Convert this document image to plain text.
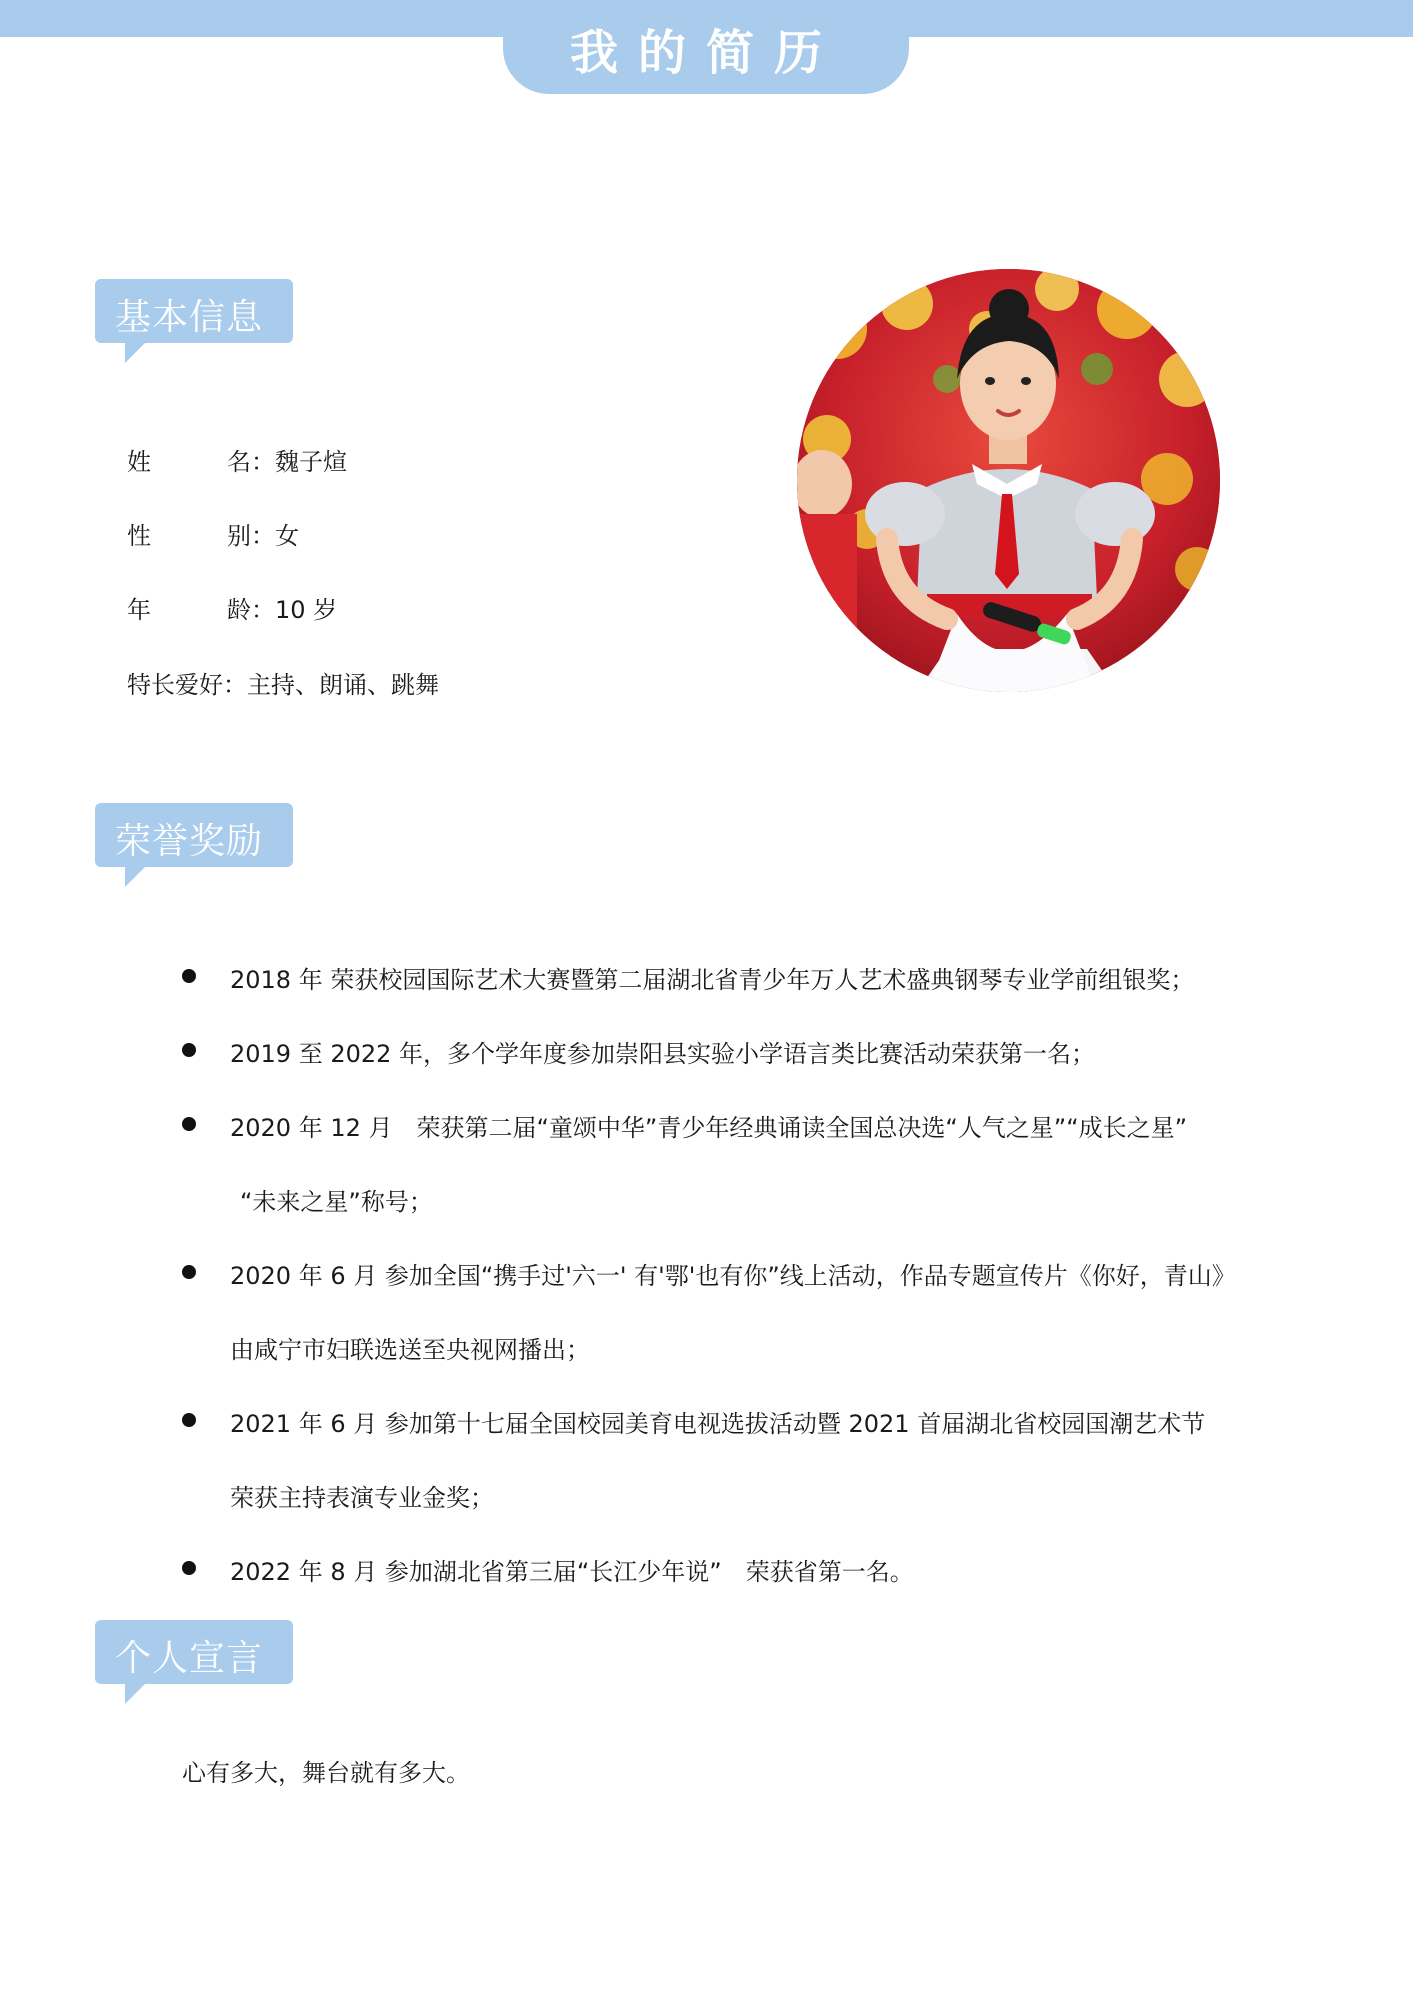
我的简历
基本信息
姓	名：魏子煊
性	别：女
年	龄：10 岁
特长爱好：主持、朗诵、跳舞
荣誉奖励
2018 年 荣获校园国际艺术大赛暨第二届湖北省青少年万人艺术盛典钢琴专业学前组银奖；
2019 至 2022 年，多个学年度参加崇阳县实验小学语言类比赛活动荣获第一名；
2020 年 12 月　荣获第二届“童颂中华”青少年经典诵读全国总决选“人气之星”“成长之星”
“未来之星”称号；
2020 年 6 月 参加全国“携手过'六一' 有'鄂'也有你”线上活动，作品专题宣传片《你好，青山》
由咸宁市妇联选送至央视网播出；
2021 年 6 月 参加第十七届全国校园美育电视选拔活动暨 2021 首届湖北省校园国潮艺术节
荣获主持表演专业金奖；
2022 年 8 月 参加湖北省第三届“长江少年说”　荣获省第一名。
个人宣言
心有多大，舞台就有多大。
